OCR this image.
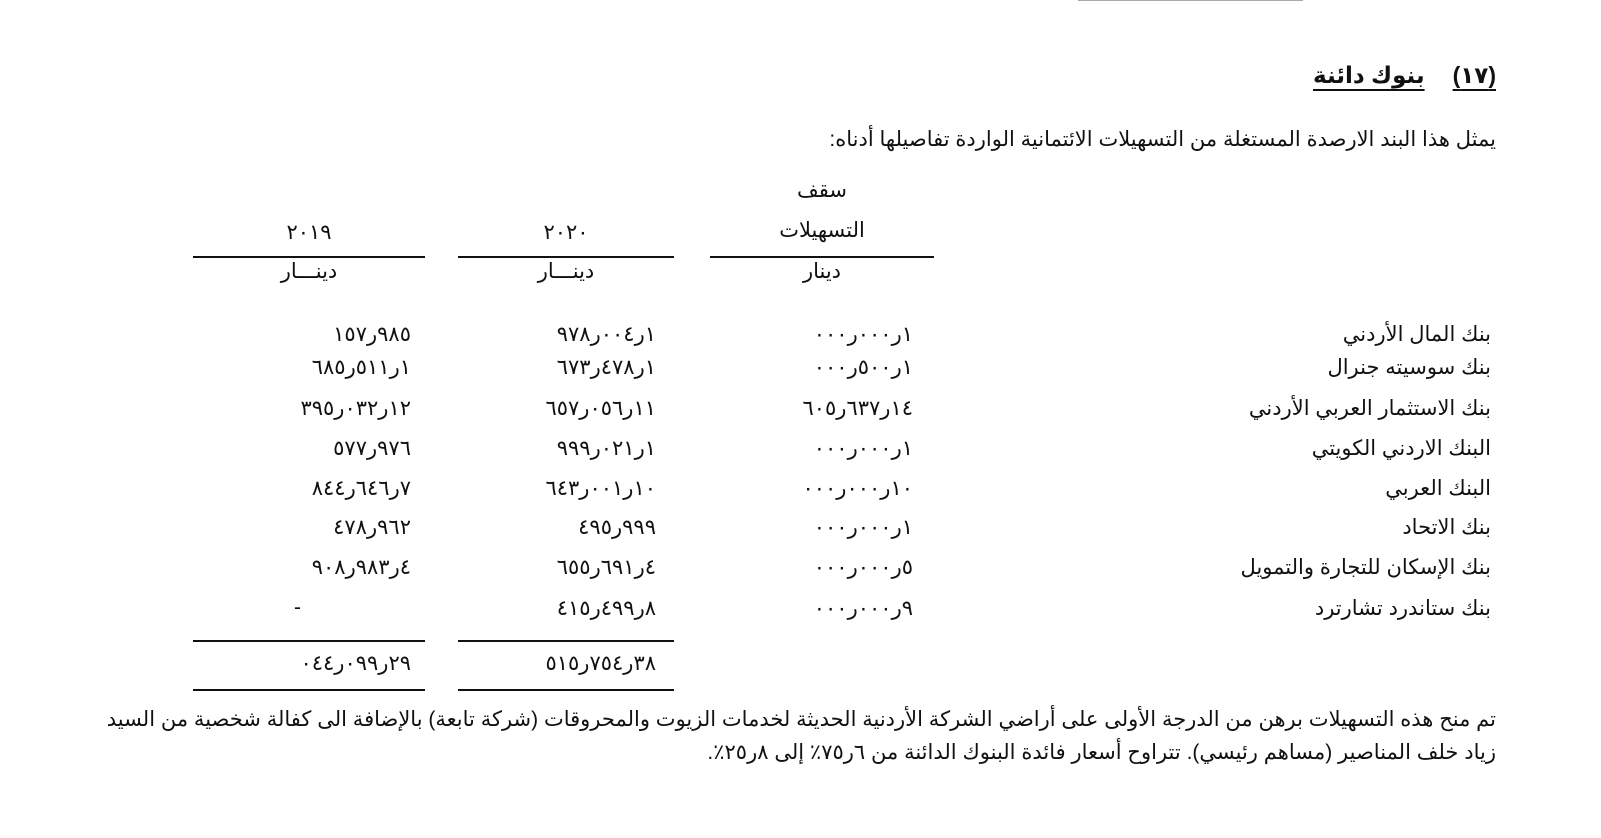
(١٧)بنوك دائنة
يمثل هذا البند الارصدة المستغلة من التسهيلات الائتمانية الواردة تفاصيلها أدناه:
سقف
التسهيلات
دينار
٢٠٢٠
دينـــار
٢٠١٩
دينـــار
بنك المال الأردني
١ر٠٠٠ر٠٠٠
١ر٠٠٤ر٩٧٨
٩٨٥ر١٥٧
بنك سوسيته جنرال
١ر٥٠٠ر٠٠٠
١ر٤٧٨ر٦٧٣
١ر٥١١ر٦٨٥
بنك الاستثمار العربي الأردني
١٤ر٦٣٧ر٦٠٥
١١ر٠٥٦ر٦٥٧
١٢ر٠٣٢ر٣٩٥
البنك الاردني الكويتي
١ر٠٠٠ر٠٠٠
١ر٠٢١ر٩٩٩
٩٧٦ر٥٧٧
البنك العربي
١٠ر٠٠٠ر٠٠٠
١٠ر٠٠١ر٦٤٣
٧ر٦٤٦ر٨٤٤
بنك الاتحاد
١ر٠٠٠ر٠٠٠
٩٩٩ر٤٩٥
٩٦٢ر٤٧٨
بنك الإسكان للتجارة والتمويل
٥ر٠٠٠ر٠٠٠
٤ر٦٩١ر٦٥٥
٤ر٩٨٣ر٩٠٨
بنك ستاندرد تشارترد
٩ر٠٠٠ر٠٠٠
٨ر٤٩٩ر٤١٥
-
٣٨ر٧٥٤ر٥١٥
٢٩ر٠٩٩ر٠٤٤
تم منح هذه التسهيلات برهن من الدرجة الأولى على أراضي الشركة الأردنية الحديثة لخدمات الزيوت والمحروقات (شركة تابعة) بالإضافة الى كفالة شخصية من السيد زياد خلف المناصير (مساهم رئيسي). تتراوح أسعار فائدة البنوك الدائنة من ٦ر٧٥٪ إلى ٨ر٢٥٪.
